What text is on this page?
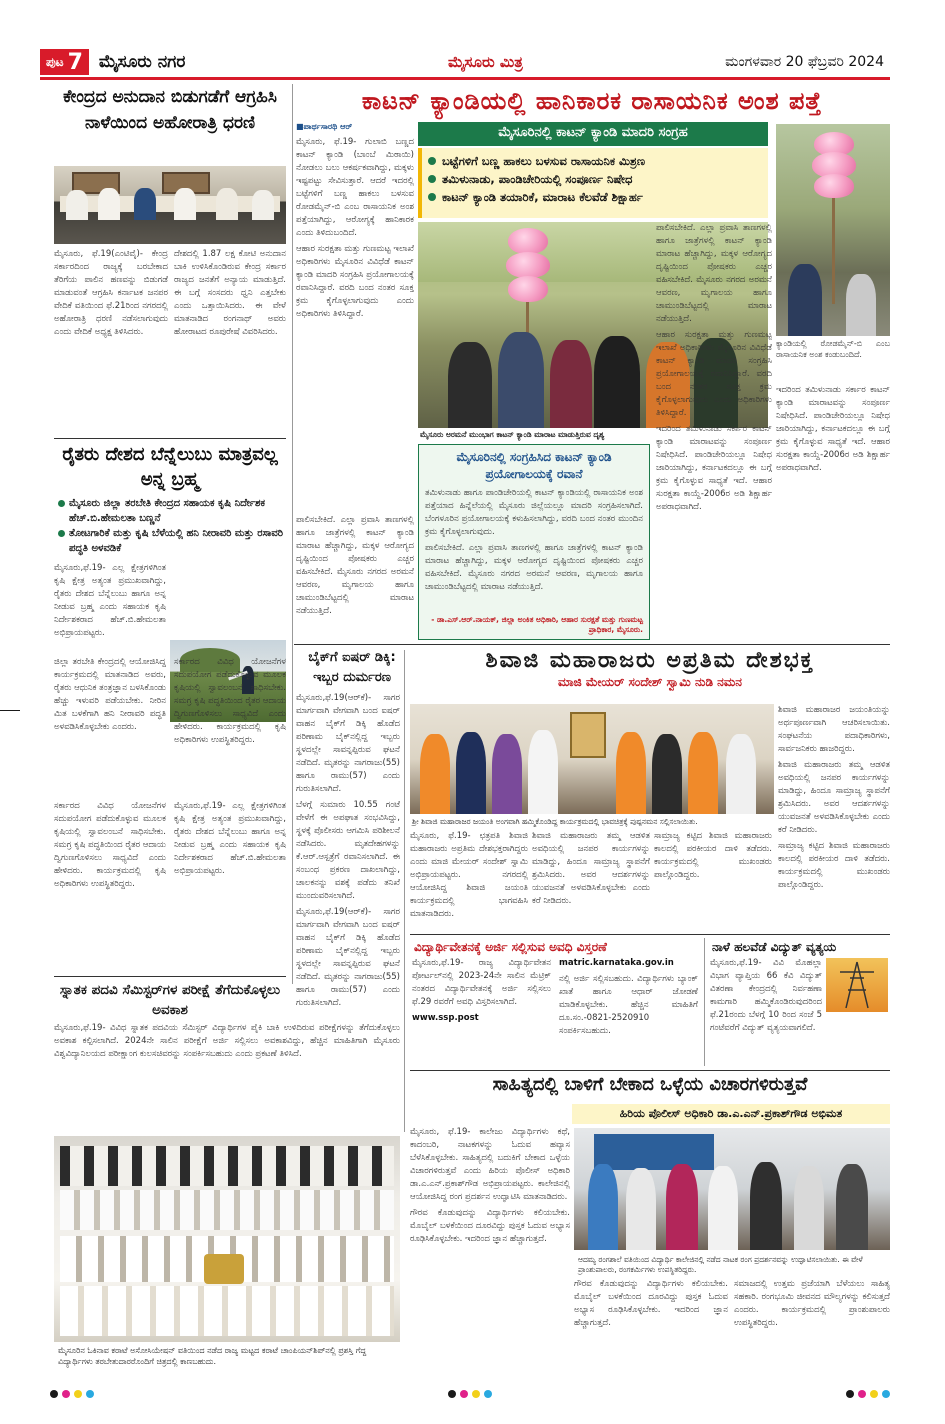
ಪುಟ 7 ಮೈಸೂರು ನಗರ	ಮೈಸೂರು ಮಿತ್ರ	ಮಂಗಳವಾರ 20 ಫೆಬ್ರವರಿ 2024
ಕೇಂದ್ರದ ಅನುದಾನ ಬಿಡುಗಡೆಗೆ ಆಗ್ರಹಿಸಿ ನಾಳೆಯಿಂದ ಅಹೋರಾತ್ರಿ ಧರಣಿ

ಮೈಸೂರು, ಫೆ.19(ಎಂಟಿವೈ)- ಕೇಂದ್ರ ಸರ್ಕಾರದಿಂದ ರಾಜ್ಯಕ್ಕೆ ಬರಬೇಕಾದ ತೆರಿಗೆಯ ಪಾಲಿನ ಹಣವನ್ನು ಬಿಡುಗಡೆ ಮಾಡುವಂತೆ ಆಗ್ರಹಿಸಿ ಕರ್ನಾಟಕ ಜನಪರ ವೇದಿಕೆ ವತಿಯಿಂದ ಫೆ.21ರಿಂದ ನಗರದಲ್ಲಿ ಅಹೋರಾತ್ರಿ ಧರಣಿ ನಡೆಸಲಾಗುವುದು ಎಂದು ವೇದಿಕೆ ಅಧ್ಯಕ್ಷ ತಿಳಿಸಿದರು.

ದೇಶದಲ್ಲಿ 1.87 ಲಕ್ಷ ಕೋಟಿ ಅನುದಾನ ಬಾಕಿ ಉಳಿಸಿಕೊಂಡಿರುವ ಕೇಂದ್ರ ಸರ್ಕಾರ ರಾಜ್ಯದ ಜನತೆಗೆ ಅನ್ಯಾಯ ಮಾಡುತ್ತಿದೆ. ಈ ಬಗ್ಗೆ ಸಂಸದರು ಧ್ವನಿ ಎತ್ತಬೇಕು ಎಂದು ಒತ್ತಾಯಿಸಿದರು. ಈ ವೇಳೆ ಮಾತನಾಡಿದ ರಂಗನಾಥ್ ಅವರು ಹೋರಾಟದ ರೂಪುರೇಷೆ ವಿವರಿಸಿದರು.

ರೈತರು ದೇಶದ ಬೆನ್ನೆಲುಬು ಮಾತ್ರವಲ್ಲ ಅನ್ನ ಬ್ರಹ್ಮ
ಮೈಸೂರು ಜಿಲ್ಲಾ ತರಬೇತಿ ಕೇಂದ್ರದ ಸಹಾಯಕ ಕೃಷಿ ನಿರ್ದೇಶಕ ಹೆಚ್.ಬಿ.ಹೇಮಲತಾ ಬಣ್ಣನೆ
ತೋಟಗಾರಿಕೆ ಮತ್ತು ಕೃಷಿ ಬೆಳೆಯಲ್ಲಿ ಹನಿ ನೀರಾವರಿ ಮತ್ತು ರಸಾವರಿ ಪದ್ಧತಿ ಅಳವಡಿಕೆ

ಮೈಸೂರು,ಫೆ.19- ಎಲ್ಲ ಕ್ಷೇತ್ರಗಳಿಗಿಂತ ಕೃಷಿ ಕ್ಷೇತ್ರ ಅತ್ಯಂತ ಪ್ರಮುಖವಾಗಿದ್ದು, ರೈತರು ದೇಶದ ಬೆನ್ನೆಲುಬು ಹಾಗೂ ಅನ್ನ ನೀಡುವ ಬ್ರಹ್ಮ ಎಂದು ಸಹಾಯಕ ಕೃಷಿ ನಿರ್ದೇಶಕರಾದ ಹೆಚ್.ಬಿ.ಹೇಮಲತಾ ಅಭಿಪ್ರಾಯಪಟ್ಟರು.

ಜಿಲ್ಲಾ ತರಬೇತಿ ಕೇಂದ್ರದಲ್ಲಿ ಆಯೋಜಿಸಿದ್ದ ಕಾರ್ಯಕ್ರಮದಲ್ಲಿ ಮಾತನಾಡಿದ ಅವರು, ರೈತರು ಆಧುನಿಕ ತಂತ್ರಜ್ಞಾನ ಬಳಸಿಕೊಂಡು ಹೆಚ್ಚು ಇಳುವರಿ ಪಡೆಯಬೇಕು. ನೀರಿನ ಮಿತ ಬಳಕೆಗಾಗಿ ಹನಿ ನೀರಾವರಿ ಪದ್ಧತಿ ಅಳವಡಿಸಿಕೊಳ್ಳಬೇಕು ಎಂದರು.

ಸರ್ಕಾರದ ವಿವಿಧ ಯೋಜನೆಗಳ ಸದುಪಯೋಗ ಪಡೆದುಕೊಳ್ಳುವ ಮೂಲಕ ಕೃಷಿಯಲ್ಲಿ ಸ್ವಾವಲಂಬನೆ ಸಾಧಿಸಬೇಕು. ಸಮಗ್ರ ಕೃಷಿ ಪದ್ಧತಿಯಿಂದ ರೈತರ ಆದಾಯ ದ್ವಿಗುಣಗೊಳಿಸಲು ಸಾಧ್ಯವಿದೆ ಎಂದು ಹೇಳಿದರು. ಕಾರ್ಯಕ್ರಮದಲ್ಲಿ ಕೃಷಿ ಅಧಿಕಾರಿಗಳು ಉಪಸ್ಥಿತರಿದ್ದರು.

ಸರ್ಕಾರದ ವಿವಿಧ ಯೋಜನೆಗಳ ಸದುಪಯೋಗ ಪಡೆದುಕೊಳ್ಳುವ ಮೂಲಕ ಕೃಷಿಯಲ್ಲಿ ಸ್ವಾವಲಂಬನೆ ಸಾಧಿಸಬೇಕು. ಸಮಗ್ರ ಕೃಷಿ ಪದ್ಧತಿಯಿಂದ ರೈತರ ಆದಾಯ ದ್ವಿಗುಣಗೊಳಿಸಲು ಸಾಧ್ಯವಿದೆ ಎಂದು ಹೇಳಿದರು. ಕಾರ್ಯಕ್ರಮದಲ್ಲಿ ಕೃಷಿ ಅಧಿಕಾರಿಗಳು ಉಪಸ್ಥಿತರಿದ್ದರು.

ಮೈಸೂರು,ಫೆ.19- ಎಲ್ಲ ಕ್ಷೇತ್ರಗಳಿಗಿಂತ ಕೃಷಿ ಕ್ಷೇತ್ರ ಅತ್ಯಂತ ಪ್ರಮುಖವಾಗಿದ್ದು, ರೈತರು ದೇಶದ ಬೆನ್ನೆಲುಬು ಹಾಗೂ ಅನ್ನ ನೀಡುವ ಬ್ರಹ್ಮ ಎಂದು ಸಹಾಯಕ ಕೃಷಿ ನಿರ್ದೇಶಕರಾದ ಹೆಚ್.ಬಿ.ಹೇಮಲತಾ ಅಭಿಪ್ರಾಯಪಟ್ಟರು.

ಸ್ನಾತಕ ಪದವಿ ಸೆಮಿಸ್ಟರ್‌ಗಳ ಪರೀಕ್ಷೆ ತೆಗೆದುಕೊಳ್ಳಲು ಅವಕಾಶ

ಮೈಸೂರು,ಫೆ.19- ವಿವಿಧ ಸ್ನಾತಕ ಪದವಿಯ ಸೆಮಿಸ್ಟರ್ ವಿದ್ಯಾರ್ಥಿಗಳ ಪೈಕಿ ಬಾಕಿ ಉಳಿದಿರುವ ಪರೀಕ್ಷೆಗಳನ್ನು ತೆಗೆದುಕೊಳ್ಳಲು ಅವಕಾಶ ಕಲ್ಪಿಸಲಾಗಿದೆ. 2024ನೇ ಸಾಲಿನ ಪರೀಕ್ಷೆಗೆ ಅರ್ಜಿ ಸಲ್ಲಿಸಲು ಅವಕಾಶವಿದ್ದು, ಹೆಚ್ಚಿನ ಮಾಹಿತಿಗಾಗಿ ಮೈಸೂರು ವಿಶ್ವವಿದ್ಯಾನಿಲಯದ ಪರೀಕ್ಷಾಂಗ ಕುಲಸಚಿವರನ್ನು ಸಂಪರ್ಕಿಸಬಹುದು ಎಂದು ಪ್ರಕಟಣೆ ತಿಳಿಸಿದೆ.

ಮೈಸೂರಿನ ಓಕಿನಾವ ಕರಾಟೆ ಅಸೋಸಿಯೇಷನ್ ವತಿಯಿಂದ ನಡೆದ ರಾಜ್ಯ ಮಟ್ಟದ ಕರಾಟೆ ಚಾಂಪಿಯನ್‌ಶಿಪ್‌ನಲ್ಲಿ ಪ್ರಶಸ್ತಿ ಗೆದ್ದ ವಿದ್ಯಾರ್ಥಿಗಳು ತರಬೇತುದಾರರೊಂದಿಗೆ ಚಿತ್ರದಲ್ಲಿ ಕಾಣಬಹುದು.
ಕಾಟನ್ ಕ್ಯಾಂಡಿಯಲ್ಲಿ ಹಾನಿಕಾರಕ ರಾಸಾಯನಿಕ ಅಂಶ ಪತ್ತೆ
■ಪಾರ್ಥಸಾರಥಿ ಆರ್	ಮೈಸೂರಿನಲ್ಲಿ ಕಾಟನ್ ಕ್ಯಾಂಡಿ ಮಾದರಿ ಸಂಗ್ರಹ
ಬಟ್ಟೆಗಳಿಗೆ ಬಣ್ಣ ಹಾಕಲು ಬಳಸುವ ರಾಸಾಯನಿಕ ಮಿಶ್ರಣ
ತಮಿಳುನಾಡು, ಪಾಂಡಿಚೇರಿಯಲ್ಲಿ ಸಂಪೂರ್ಣ ನಿಷೇಧ
ಕಾಟನ್ ಕ್ಯಾಂಡಿ ತಯಾರಿಕೆ, ಮಾರಾಟ ಕೆಲವೆಡೆ ಶಿಕ್ಷಾರ್ಹ

ಮೈಸೂರು, ಫೆ.19- ಗುಲಾಬಿ ಬಣ್ಣದ ಕಾಟನ್ ಕ್ಯಾಂಡಿ (ಬಾಂಬೆ ಮಿಠಾಯಿ) ನೋಡಲು ಬಲು ಆಕರ್ಷಕವಾಗಿದ್ದು, ಮಕ್ಕಳು ಇಷ್ಟಪಟ್ಟು ಸೇವಿಸುತ್ತಾರೆ. ಆದರೆ ಇದರಲ್ಲಿ ಬಟ್ಟೆಗಳಿಗೆ ಬಣ್ಣ ಹಾಕಲು ಬಳಸುವ ರೋಡಮೈನ್-ಬಿ ಎಂಬ ರಾಸಾಯನಿಕ ಅಂಶ ಪತ್ತೆಯಾಗಿದ್ದು, ಆರೋಗ್ಯಕ್ಕೆ ಹಾನಿಕಾರಕ ಎಂದು ತಿಳಿದುಬಂದಿದೆ.

ಆಹಾರ ಸುರಕ್ಷತಾ ಮತ್ತು ಗುಣಮಟ್ಟ ಇಲಾಖೆ ಅಧಿಕಾರಿಗಳು ಮೈಸೂರಿನ ವಿವಿಧೆಡೆ ಕಾಟನ್ ಕ್ಯಾಂಡಿ ಮಾದರಿ ಸಂಗ್ರಹಿಸಿ ಪ್ರಯೋಗಾಲಯಕ್ಕೆ ರವಾನಿಸಿದ್ದಾರೆ. ವರದಿ ಬಂದ ನಂತರ ಸೂಕ್ತ ಕ್ರಮ ಕೈಗೊಳ್ಳಲಾಗುವುದು ಎಂದು ಅಧಿಕಾರಿಗಳು ತಿಳಿಸಿದ್ದಾರೆ.

ಮೈಸೂರು ಅರಮನೆ ಮುಂಭಾಗ ಕಾಟನ್ ಕ್ಯಾಂಡಿ ಮಾರಾಟ ಮಾಡುತ್ತಿರುವ ದೃಶ್ಯ

ಕ್ಯಾಂಡಿಯಲ್ಲಿ ರೋಡಮೈನ್-ಬಿ ಎಂಬ ರಾಸಾಯನಿಕ ಅಂಶ ಕಂಡುಬಂದಿದೆ.

ಇದರಿಂದ ತಮಿಳುನಾಡು ಸರ್ಕಾರ ಕಾಟನ್ ಕ್ಯಾಂಡಿ ಮಾರಾಟವನ್ನು ಸಂಪೂರ್ಣ ನಿಷೇಧಿಸಿದೆ. ಪಾಂಡಿಚೇರಿಯಲ್ಲೂ ನಿಷೇಧ ಜಾರಿಯಾಗಿದ್ದು, ಕರ್ನಾಟಕದಲ್ಲೂ ಈ ಬಗ್ಗೆ ಕ್ರಮ ಕೈಗೊಳ್ಳುವ ಸಾಧ್ಯತೆ ಇದೆ. ಆಹಾರ ಸುರಕ್ಷತಾ ಕಾಯ್ದೆ-2006ರ ಅಡಿ ಶಿಕ್ಷಾರ್ಹ ಅಪರಾಧವಾಗಿದೆ.

ಪಾಲಿಸಬೇಕಿದೆ. ಎಲ್ಲಾ ಪ್ರವಾಸಿ ತಾಣಗಳಲ್ಲಿ ಹಾಗೂ ಜಾತ್ರೆಗಳಲ್ಲಿ ಕಾಟನ್ ಕ್ಯಾಂಡಿ ಮಾರಾಟ ಹೆಚ್ಚಾಗಿದ್ದು, ಮಕ್ಕಳ ಆರೋಗ್ಯದ ದೃಷ್ಟಿಯಿಂದ ಪೋಷಕರು ಎಚ್ಚರ ವಹಿಸಬೇಕಿದೆ. ಮೈಸೂರು ನಗರದ ಅರಮನೆ ಆವರಣ, ಮೃಗಾಲಯ ಹಾಗೂ ಚಾಮುಂಡಿಬೆಟ್ಟದಲ್ಲಿ ಮಾರಾಟ ನಡೆಯುತ್ತಿದೆ.

ಮೈಸೂರಿನಲ್ಲಿ ಸಂಗ್ರಹಿಸಿದ ಕಾಟನ್ ಕ್ಯಾಂಡಿ ಪ್ರಯೋಗಾಲಯಕ್ಕೆ ರವಾನೆ

ತಮಿಳುನಾಡು ಹಾಗೂ ಪಾಂಡಿಚೇರಿಯಲ್ಲಿ ಕಾಟನ್ ಕ್ಯಾಂಡಿಯಲ್ಲಿ ರಾಸಾಯನಿಕ ಅಂಶ ಪತ್ತೆಯಾದ ಹಿನ್ನೆಲೆಯಲ್ಲಿ ಮೈಸೂರು ಜಿಲ್ಲೆಯಲ್ಲೂ ಮಾದರಿ ಸಂಗ್ರಹಿಸಲಾಗಿದೆ. ಬೆಂಗಳೂರಿನ ಪ್ರಯೋಗಾಲಯಕ್ಕೆ ಕಳುಹಿಸಲಾಗಿದ್ದು, ವರದಿ ಬಂದ ನಂತರ ಮುಂದಿನ ಕ್ರಮ ಕೈಗೊಳ್ಳಲಾಗುವುದು.

ಪಾಲಿಸಬೇಕಿದೆ. ಎಲ್ಲಾ ಪ್ರವಾಸಿ ತಾಣಗಳಲ್ಲಿ ಹಾಗೂ ಜಾತ್ರೆಗಳಲ್ಲಿ ಕಾಟನ್ ಕ್ಯಾಂಡಿ ಮಾರಾಟ ಹೆಚ್ಚಾಗಿದ್ದು, ಮಕ್ಕಳ ಆರೋಗ್ಯದ ದೃಷ್ಟಿಯಿಂದ ಪೋಷಕರು ಎಚ್ಚರ ವಹಿಸಬೇಕಿದೆ. ಮೈಸೂರು ನಗರದ ಅರಮನೆ ಆವರಣ, ಮೃಗಾಲಯ ಹಾಗೂ ಚಾಮುಂಡಿಬೆಟ್ಟದಲ್ಲಿ ಮಾರಾಟ ನಡೆಯುತ್ತಿದೆ.

- ಡಾ.ಎಸ್.ಆರ್.ನಾಯಕ್, ಜಿಲ್ಲಾ ಅಂಕಿತ ಅಧಿಕಾರಿ, ಆಹಾರ ಸುರಕ್ಷತೆ ಮತ್ತು ಗುಣಮಟ್ಟ ಪ್ರಾಧಿಕಾರ, ಮೈಸೂರು.

ಪಾಲಿಸಬೇಕಿದೆ. ಎಲ್ಲಾ ಪ್ರವಾಸಿ ತಾಣಗಳಲ್ಲಿ ಹಾಗೂ ಜಾತ್ರೆಗಳಲ್ಲಿ ಕಾಟನ್ ಕ್ಯಾಂಡಿ ಮಾರಾಟ ಹೆಚ್ಚಾಗಿದ್ದು, ಮಕ್ಕಳ ಆರೋಗ್ಯದ ದೃಷ್ಟಿಯಿಂದ ಪೋಷಕರು ಎಚ್ಚರ ವಹಿಸಬೇಕಿದೆ. ಮೈಸೂರು ನಗರದ ಅರಮನೆ ಆವರಣ, ಮೃಗಾಲಯ ಹಾಗೂ ಚಾಮುಂಡಿಬೆಟ್ಟದಲ್ಲಿ ಮಾರಾಟ ನಡೆಯುತ್ತಿದೆ.

ಆಹಾರ ಸುರಕ್ಷತಾ ಮತ್ತು ಗುಣಮಟ್ಟ ಇಲಾಖೆ ಅಧಿಕಾರಿಗಳು ಮೈಸೂರಿನ ವಿವಿಧೆಡೆ ಕಾಟನ್ ಕ್ಯಾಂಡಿ ಮಾದರಿ ಸಂಗ್ರಹಿಸಿ ಪ್ರಯೋಗಾಲಯಕ್ಕೆ ರವಾನಿಸಿದ್ದಾರೆ. ವರದಿ ಬಂದ ನಂತರ ಸೂಕ್ತ ಕ್ರಮ ಕೈಗೊಳ್ಳಲಾಗುವುದು ಎಂದು ಅಧಿಕಾರಿಗಳು ತಿಳಿಸಿದ್ದಾರೆ.

ಇದರಿಂದ ತಮಿಳುನಾಡು ಸರ್ಕಾರ ಕಾಟನ್ ಕ್ಯಾಂಡಿ ಮಾರಾಟವನ್ನು ಸಂಪೂರ್ಣ ನಿಷೇಧಿಸಿದೆ. ಪಾಂಡಿಚೇರಿಯಲ್ಲೂ ನಿಷೇಧ ಜಾರಿಯಾಗಿದ್ದು, ಕರ್ನಾಟಕದಲ್ಲೂ ಈ ಬಗ್ಗೆ ಕ್ರಮ ಕೈಗೊಳ್ಳುವ ಸಾಧ್ಯತೆ ಇದೆ. ಆಹಾರ ಸುರಕ್ಷತಾ ಕಾಯ್ದೆ-2006ರ ಅಡಿ ಶಿಕ್ಷಾರ್ಹ ಅಪರಾಧವಾಗಿದೆ.

ಬೈಕ್‌ಗೆ ಐಷರ್ ಡಿಕ್ಕಿ: ಇಬ್ಬರ ದುರ್ಮರಣ

ಮೈಸೂರು,ಫೆ.19(ಆರ್‌ಕೆ)- ಸಾಗರ ಮಾರ್ಗವಾಗಿ ವೇಗವಾಗಿ ಬಂದ ಐಷರ್ ವಾಹನ ಬೈಕ್‌ಗೆ ಡಿಕ್ಕಿ ಹೊಡೆದ ಪರಿಣಾಮ ಬೈಕ್‌ನಲ್ಲಿದ್ದ ಇಬ್ಬರು ಸ್ಥಳದಲ್ಲೇ ಸಾವನ್ನಪ್ಪಿರುವ ಘಟನೆ ನಡೆದಿದೆ. ಮೃತರನ್ನು ನಾಗರಾಜು(55) ಹಾಗೂ ರಾಮು(57) ಎಂದು ಗುರುತಿಸಲಾಗಿದೆ.

ಬೆಳಗ್ಗೆ ಸುಮಾರು 10.55 ಗಂಟೆ ವೇಳೆಗೆ ಈ ಅಪಘಾತ ಸಂಭವಿಸಿದ್ದು, ಸ್ಥಳಕ್ಕೆ ಪೊಲೀಸರು ಆಗಮಿಸಿ ಪರಿಶೀಲನೆ ನಡೆಸಿದರು. ಮೃತದೇಹಗಳನ್ನು ಕೆ.ಆರ್.ಆಸ್ಪತ್ರೆಗೆ ರವಾನಿಸಲಾಗಿದೆ. ಈ ಸಂಬಂಧ ಪ್ರಕರಣ ದಾಖಲಾಗಿದ್ದು, ಚಾಲಕನನ್ನು ವಶಕ್ಕೆ ಪಡೆದು ತನಿಖೆ ಮುಂದುವರಿಸಲಾಗಿದೆ.

ಮೈಸೂರು,ಫೆ.19(ಆರ್‌ಕೆ)- ಸಾಗರ ಮಾರ್ಗವಾಗಿ ವೇಗವಾಗಿ ಬಂದ ಐಷರ್ ವಾಹನ ಬೈಕ್‌ಗೆ ಡಿಕ್ಕಿ ಹೊಡೆದ ಪರಿಣಾಮ ಬೈಕ್‌ನಲ್ಲಿದ್ದ ಇಬ್ಬರು ಸ್ಥಳದಲ್ಲೇ ಸಾವನ್ನಪ್ಪಿರುವ ಘಟನೆ ನಡೆದಿದೆ. ಮೃತರನ್ನು ನಾಗರಾಜು(55) ಹಾಗೂ ರಾಮು(57) ಎಂದು ಗುರುತಿಸಲಾಗಿದೆ.

ಶಿವಾಜಿ ಮಹಾರಾಜರು ಅಪ್ರತಿಮ ದೇಶಭಕ್ತ
ಮಾಜಿ ಮೇಯರ್ ಸಂದೇಶ್ ಸ್ವಾಮಿ ನುಡಿ ನಮನ
ಶ್ರೀ ಶಿವಾಜಿ ಮಹಾರಾಜರ ಜಯಂತಿ ಅಂಗವಾಗಿ ಹಮ್ಮಿಕೊಂಡಿದ್ದ ಕಾರ್ಯಕ್ರಮದಲ್ಲಿ ಭಾವಚಿತ್ರಕ್ಕೆ ಪುಷ್ಪನಮನ ಸಲ್ಲಿಸಲಾಯಿತು.

ಮೈಸೂರು, ಫೆ.19- ಛತ್ರಪತಿ ಶಿವಾಜಿ ಮಹಾರಾಜರು ಅಪ್ರತಿಮ ದೇಶಭಕ್ತರಾಗಿದ್ದರು ಎಂದು ಮಾಜಿ ಮೇಯರ್ ಸಂದೇಶ್ ಸ್ವಾಮಿ ಅಭಿಪ್ರಾಯಪಟ್ಟರು. ನಗರದಲ್ಲಿ ಆಯೋಜಿಸಿದ್ದ ಶಿವಾಜಿ ಜಯಂತಿ ಕಾರ್ಯಕ್ರಮದಲ್ಲಿ ಭಾಗವಹಿಸಿ ಮಾತನಾಡಿದರು.

ಶಿವಾಜಿ ಮಹಾರಾಜರು ತಮ್ಮ ಆಡಳಿತ ಅವಧಿಯಲ್ಲಿ ಜನಪರ ಕಾರ್ಯಗಳನ್ನು ಮಾಡಿದ್ದು, ಹಿಂದೂ ಸಾಮ್ರಾಜ್ಯ ಸ್ಥಾಪನೆಗೆ ಶ್ರಮಿಸಿದರು. ಅವರ ಆದರ್ಶಗಳನ್ನು ಯುವಜನತೆ ಅಳವಡಿಸಿಕೊಳ್ಳಬೇಕು ಎಂದು ಕರೆ ನೀಡಿದರು.

ಸಾಮ್ರಾಜ್ಯ ಕಟ್ಟಿದ ಶಿವಾಜಿ ಮಹಾರಾಜರು ಕಾಲದಲ್ಲಿ ಪರಕೀಯರ ದಾಳಿ ತಡೆದರು. ಕಾರ್ಯಕ್ರಮದಲ್ಲಿ ಮುಖಂಡರು ಪಾಲ್ಗೊಂಡಿದ್ದರು.

ಶಿವಾಜಿ ಮಹಾರಾಜರ ಜಯಂತಿಯನ್ನು ಅರ್ಥಪೂರ್ಣವಾಗಿ ಆಚರಿಸಲಾಯಿತು. ಸಂಘಟನೆಯ ಪದಾಧಿಕಾರಿಗಳು, ಸಾರ್ವಜನಿಕರು ಹಾಜರಿದ್ದರು.

ಶಿವಾಜಿ ಮಹಾರಾಜರು ತಮ್ಮ ಆಡಳಿತ ಅವಧಿಯಲ್ಲಿ ಜನಪರ ಕಾರ್ಯಗಳನ್ನು ಮಾಡಿದ್ದು, ಹಿಂದೂ ಸಾಮ್ರಾಜ್ಯ ಸ್ಥಾಪನೆಗೆ ಶ್ರಮಿಸಿದರು. ಅವರ ಆದರ್ಶಗಳನ್ನು ಯುವಜನತೆ ಅಳವಡಿಸಿಕೊಳ್ಳಬೇಕು ಎಂದು ಕರೆ ನೀಡಿದರು.

ಸಾಮ್ರಾಜ್ಯ ಕಟ್ಟಿದ ಶಿವಾಜಿ ಮಹಾರಾಜರು ಕಾಲದಲ್ಲಿ ಪರಕೀಯರ ದಾಳಿ ತಡೆದರು. ಕಾರ್ಯಕ್ರಮದಲ್ಲಿ ಮುಖಂಡರು ಪಾಲ್ಗೊಂಡಿದ್ದರು.

ವಿದ್ಯಾರ್ಥಿವೇತನಕ್ಕೆ ಅರ್ಜಿ ಸಲ್ಲಿಸುವ ಅವಧಿ ವಿಸ್ತರಣೆ

ಮೈಸೂರು,ಫೆ.19- ರಾಜ್ಯ ವಿದ್ಯಾರ್ಥಿವೇತನ ಪೋರ್ಟಲ್‌ನಲ್ಲಿ 2023-24ನೇ ಸಾಲಿನ ಮೆಟ್ರಿಕ್ ನಂತರದ ವಿದ್ಯಾರ್ಥಿವೇತನಕ್ಕೆ ಅರ್ಜಿ ಸಲ್ಲಿಸಲು ಫೆ.29 ರವರೆಗೆ ಅವಧಿ ವಿಸ್ತರಿಸಲಾಗಿದೆ.

www.ssp.post

matric.karnataka.gov.in

ನಲ್ಲಿ ಅರ್ಜಿ ಸಲ್ಲಿಸಬಹುದು. ವಿದ್ಯಾರ್ಥಿಗಳು ಬ್ಯಾಂಕ್ ಖಾತೆ ಹಾಗೂ ಆಧಾರ್ ಜೋಡಣೆ ಮಾಡಿಕೊಳ್ಳಬೇಕು. ಹೆಚ್ಚಿನ ಮಾಹಿತಿಗೆ ದೂ.ಸಂ.-0821-2520910 ಸಂಪರ್ಕಿಸಬಹುದು.

ನಾಳೆ ಹಲವೆಡೆ ವಿದ್ಯುತ್ ವ್ಯತ್ಯಯ

ಮೈಸೂರು,ಫೆ.19- ವಿವಿ ಮೊಹಲ್ಲಾ ವಿಭಾಗ ವ್ಯಾಪ್ತಿಯ 66 ಕೆವಿ ವಿದ್ಯುತ್ ವಿತರಣಾ ಕೇಂದ್ರದಲ್ಲಿ ನಿರ್ವಹಣಾ ಕಾಮಗಾರಿ ಹಮ್ಮಿಕೊಂಡಿರುವುದರಿಂದ ಫೆ.21ರಂದು ಬೆಳಗ್ಗೆ 10 ರಿಂದ ಸಂಜೆ 5 ಗಂಟೆವರೆಗೆ ವಿದ್ಯುತ್ ವ್ಯತ್ಯಯವಾಗಲಿದೆ.

ಸಾಹಿತ್ಯದಲ್ಲಿ ಬಾಳಿಗೆ ಬೇಕಾದ ಒಳ್ಳೆಯ ವಿಚಾರಗಳಿರುತ್ತವೆ
ಹಿರಿಯ ಪೊಲೀಸ್ ಅಧಿಕಾರಿ ಡಾ.ಎ.ಎನ್.ಪ್ರಕಾಶ್‌ಗೌಡ ಅಭಿಮತ

ಮೈಸೂರು, ಫೆ.19- ಕಾಲೇಜು ವಿದ್ಯಾರ್ಥಿಗಳು ಕಥೆ, ಕಾದಂಬರಿ, ನಾಟಕಗಳನ್ನು ಓದುವ ಹವ್ಯಾಸ ಬೆಳೆಸಿಕೊಳ್ಳಬೇಕು. ಸಾಹಿತ್ಯದಲ್ಲಿ ಬದುಕಿಗೆ ಬೇಕಾದ ಒಳ್ಳೆಯ ವಿಚಾರಗಳಿರುತ್ತವೆ ಎಂದು ಹಿರಿಯ ಪೊಲೀಸ್ ಅಧಿಕಾರಿ ಡಾ.ಎ.ಎನ್.ಪ್ರಕಾಶ್‌ಗೌಡ ಅಭಿಪ್ರಾಯಪಟ್ಟರು. ಕಾಲೇಜಿನಲ್ಲಿ ಆಯೋಜಿಸಿದ್ದ ರಂಗ ಪ್ರದರ್ಶನ ಉದ್ಘಾಟಿಸಿ ಮಾತನಾಡಿದರು.

ಗೌರವ ಕೊಡುವುದನ್ನು ವಿದ್ಯಾರ್ಥಿಗಳು ಕಲಿಯಬೇಕು. ಮೊಬೈಲ್ ಬಳಕೆಯಿಂದ ದೂರವಿದ್ದು ಪುಸ್ತಕ ಓದುವ ಅಭ್ಯಾಸ ರೂಢಿಸಿಕೊಳ್ಳಬೇಕು. ಇದರಿಂದ ಜ್ಞಾನ ಹೆಚ್ಚಾಗುತ್ತದೆ.

ಆದಮ್ಯ ರಂಗಶಾಲೆ ವತಿಯಿಂದ ವಿದ್ಯಾರ್ಥಿ ಕಾಲೇಜಿನಲ್ಲಿ ನಡೆದ ನಾಟಕ ರಂಗ ಪ್ರದರ್ಶನವನ್ನು ಉದ್ಘಾಟಿಸಲಾಯಿತು. ಈ ವೇಳೆ ಪ್ರಾಂಶುಪಾಲರು, ರಂಗಕರ್ಮಿಗಳು ಉಪಸ್ಥಿತರಿದ್ದರು.

ಗೌರವ ಕೊಡುವುದನ್ನು ವಿದ್ಯಾರ್ಥಿಗಳು ಕಲಿಯಬೇಕು. ಮೊಬೈಲ್ ಬಳಕೆಯಿಂದ ದೂರವಿದ್ದು ಪುಸ್ತಕ ಓದುವ ಅಭ್ಯಾಸ ರೂಢಿಸಿಕೊಳ್ಳಬೇಕು. ಇದರಿಂದ ಜ್ಞಾನ ಹೆಚ್ಚಾಗುತ್ತದೆ.

ಸಮಾಜದಲ್ಲಿ ಉತ್ತಮ ಪ್ರಜೆಯಾಗಿ ಬೆಳೆಯಲು ಸಾಹಿತ್ಯ ಸಹಕಾರಿ. ರಂಗಭೂಮಿ ಜೀವನದ ಮೌಲ್ಯಗಳನ್ನು ಕಲಿಸುತ್ತದೆ ಎಂದರು. ಕಾರ್ಯಕ್ರಮದಲ್ಲಿ ಪ್ರಾಂಶುಪಾಲರು ಉಪಸ್ಥಿತರಿದ್ದರು.
